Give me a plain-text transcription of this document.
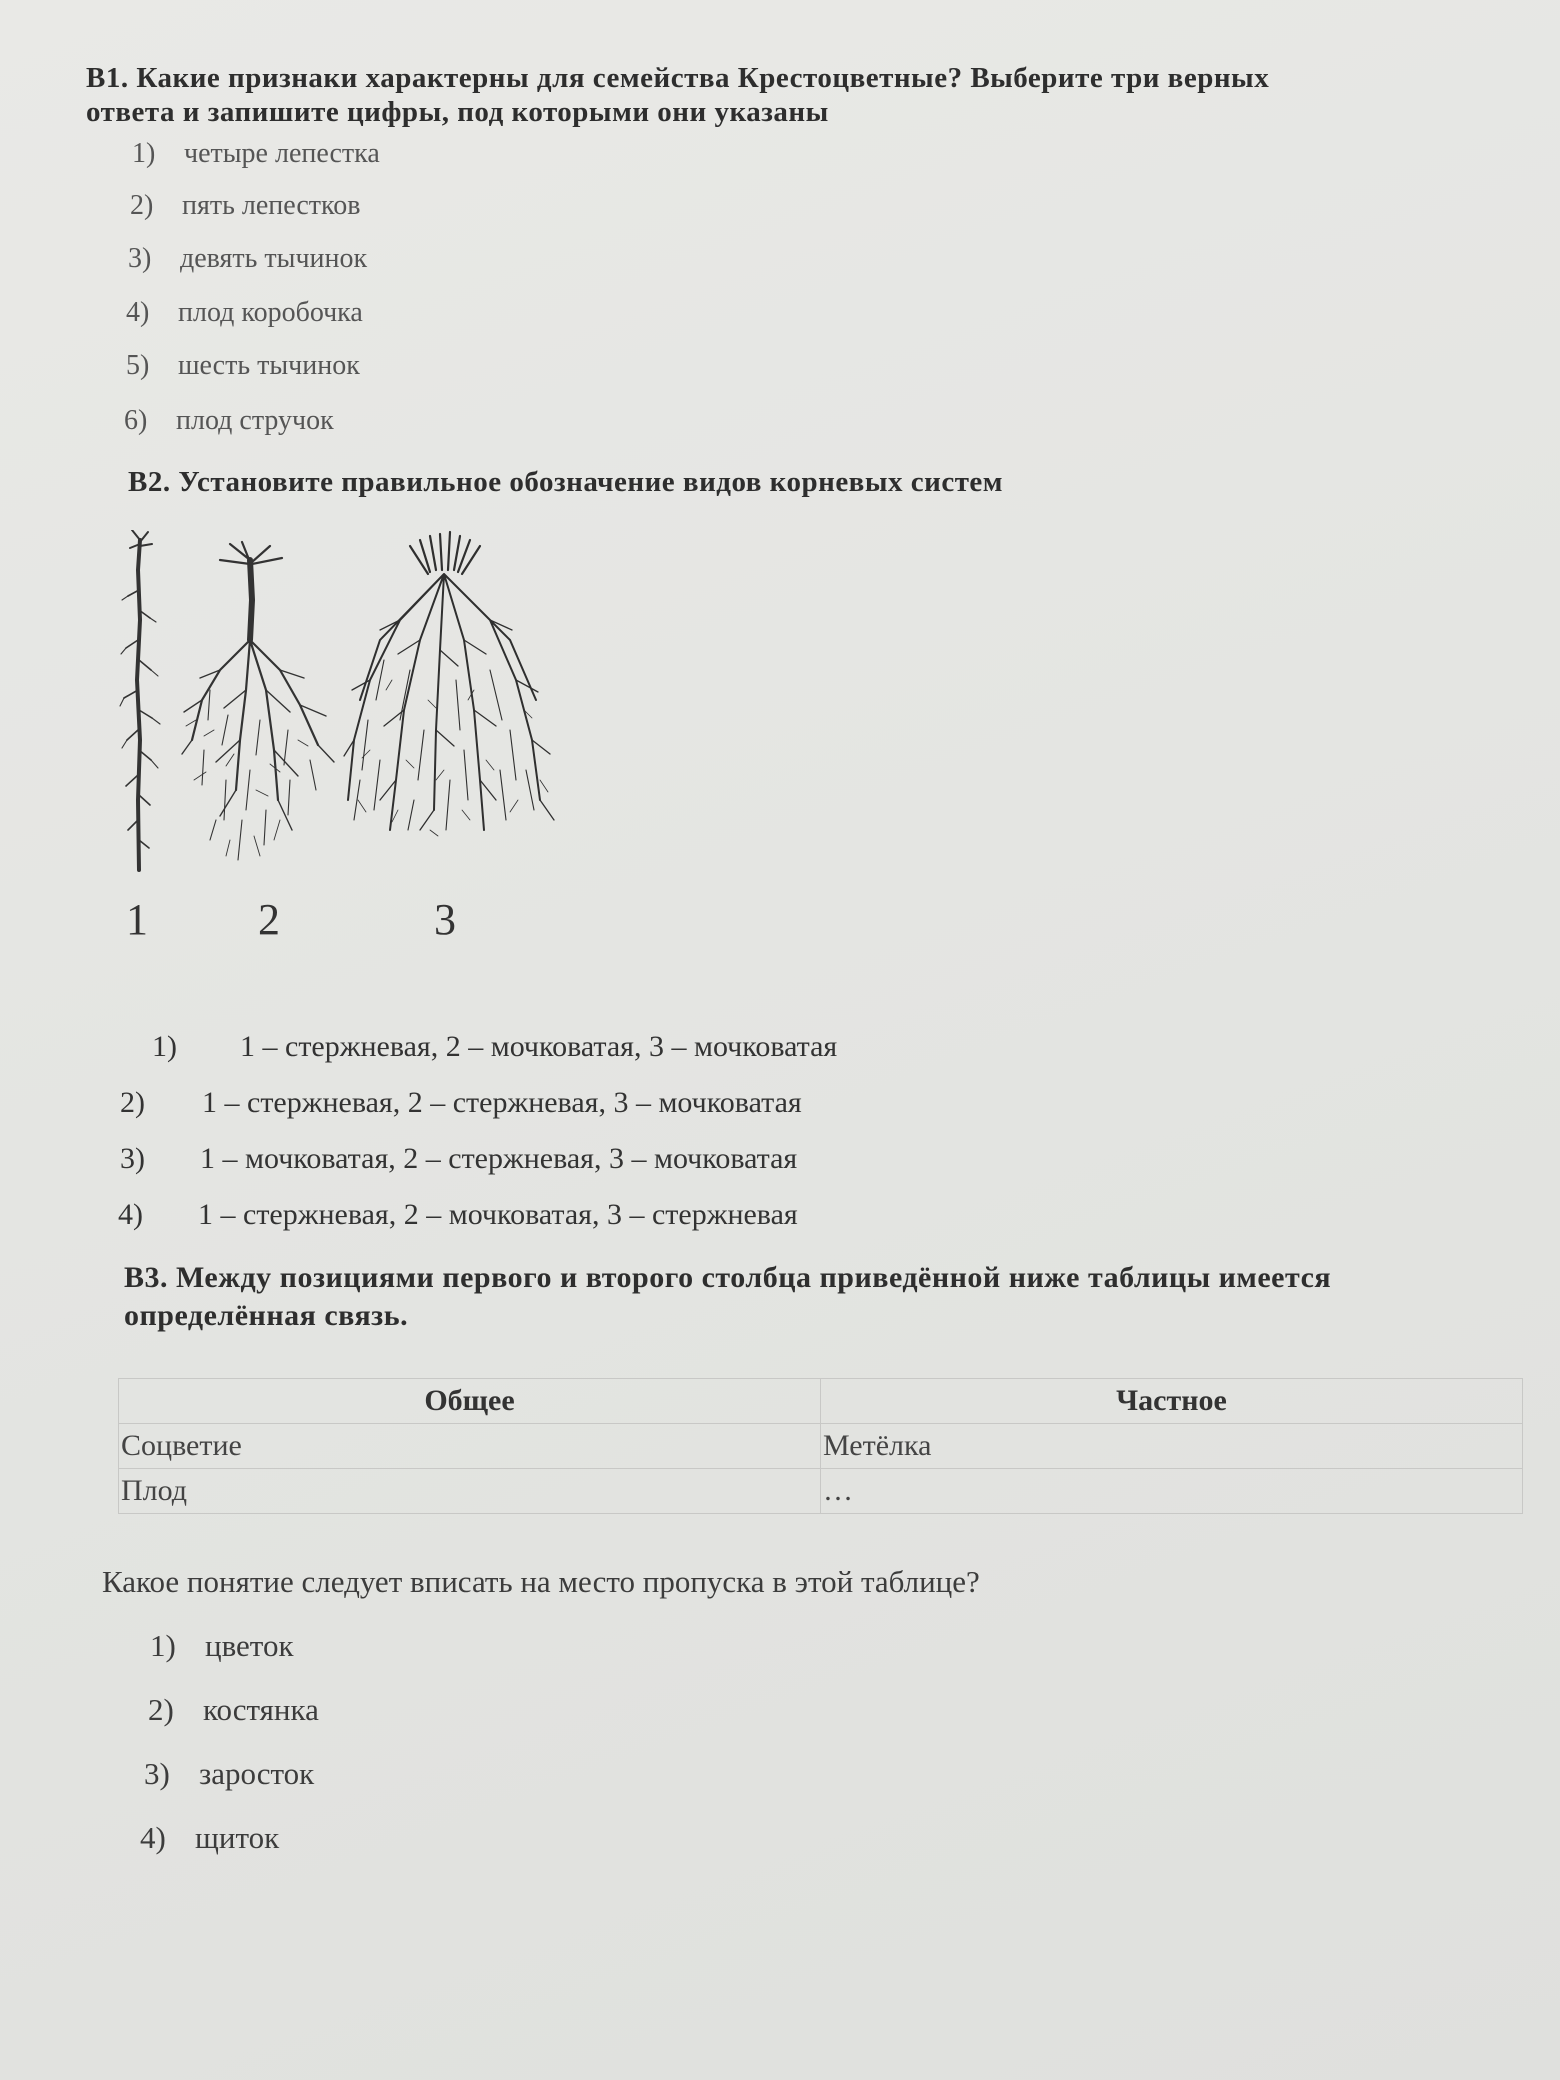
B1. Какие признаки характерны для семейства Крестоцветные? Выберите три верных
ответа и запишите цифры, под которыми они указаны
1) четыре лепестка
2) пять лепестков
3) девять тычинок
4) плод коробочка
5) шесть тычинок
6) плод стручок
B2. Установите правильное обозначение видов корневых систем
1	2	3
1) 1 – стержневая, 2 – мочковатая, 3 – мочковатая
2) 1 – стержневая, 2 – стержневая, 3 – мочковатая
3) 1 – мочковатая, 2 – стержневая, 3 – мочковатая
4) 1 – стержневая, 2 – мочковатая, 3 – стержневая
B3. Между позициями первого и второго столбца приведённой ниже таблицы имеется
определённая связь.
Общее	Частное
Соцветие	Метёлка
Плод	…
Какое понятие следует вписать на место пропуска в этой таблице?
1) цветок
2) костянка
3) заросток
4) щиток
